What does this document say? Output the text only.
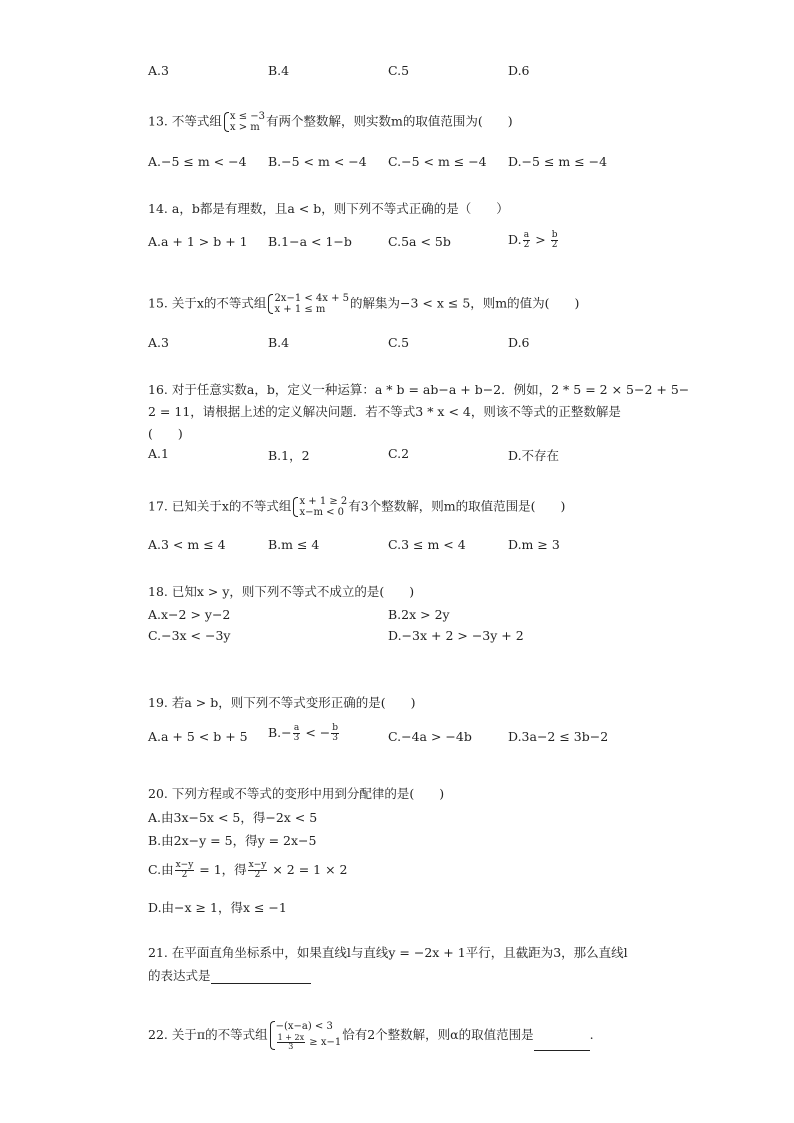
A.3	B.4	C.5	D.6
13. 不等式组 x ≤ −3
x > m 有两个整数解，则实数m的取值范围为(　　)
A.−5 ≤ m < −4 B.−5 < m < −4 C.−5 < m ≤ −4 D.−5 ≤ m ≤ −4
14. a，b都是有理数，且a < b，则下列不等式正确的是（　　）
A.a + 1 > b + 1 B.1−a < 1−b	C.5a < 5b	D. $\frac{a}{2} > \frac{b}{2}$
15. 关于x的不等式组 2x−1 < 4x + 5
x + 1 ≤ m	的解集为−3 < x ≤ 5，则m的值为(　　)
A.3	B.4	C.5	D.6
16. 对于任意实数a，b，定义一种运算：a * b = ab−a + b−2．例如，2 * 5 = 2 × 5−2 + 5−
2 = 11，请根据上述的定义解决问题．若不等式3 * x < 4，则该不等式的正整数解是
(　　)
A.1	B.1，2	C.2	D.不存在
17. 已知关于x的不等式组 x + 1 ≥ 2
x−m < 0 有3个整数解，则m的取值范围是(　　)
A.3 < m ≤ 4	B.m ≤ 4	C.3 ≤ m < 4	D.m ≥ 3
18. 已知x > y，则下列不等式不成立的是(　　)
A.x−2 > y−2	B.2x > 2y
C.−3x < −3y	D.−3x + 2 > −3y + 2
19. 若a > b，则下列不等式变形正确的是(　　)
A.a + 5 < b + 5 $B.- \frac{a}{3}$ < − $\frac{b}{3}$	C.−4a > −4b	D.3a−2 ≤ 3b−2
20. 下列方程或不等式的变形中用到分配律的是(　　)
A.由3x−5x < 5，得−2x < 5
B.由2x−y = 5，得y = 2x−5
C.由 $\frac{x-y}{2} = 1$，得 $\frac{x-y}{2} \times 2 = 1 \times 2$
D.由−x ≥ 1，得x ≤ −1
21. 在平面直角坐标系中，如果直线l与直线y = −2x + 1平行，且截距为3，那么直线l
的表达式是
22. 关于π的不等式组
−(x−a) < 3
$\frac{1 + 2x}{3} \ge x-1$
恰有2个整数解，则α的取值范围是	.
